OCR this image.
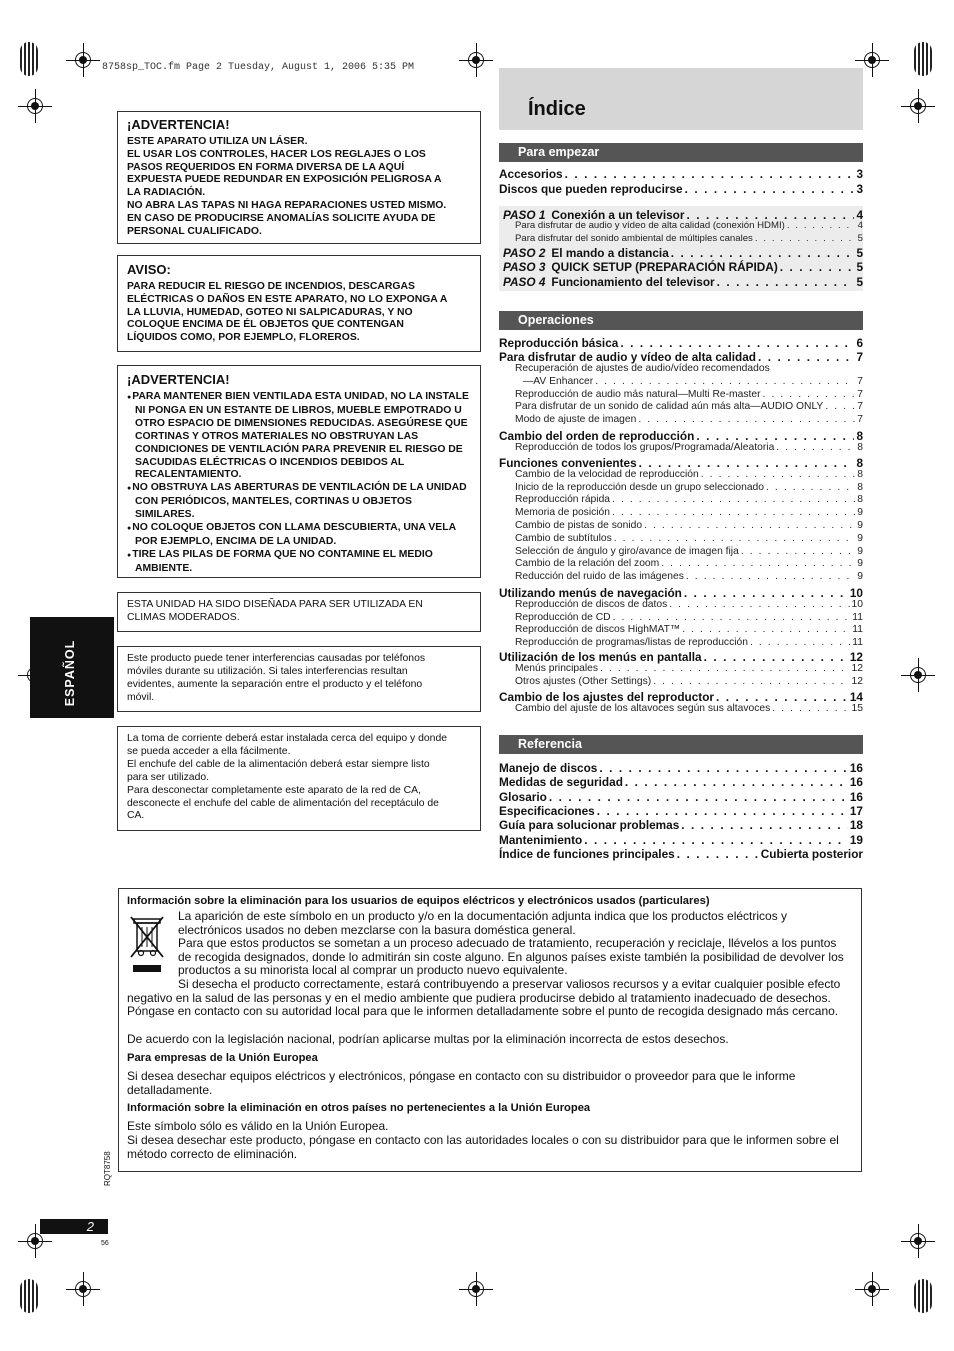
8758sp_TOC.fm Page 2 Tuesday, August 1, 2006 5:35 PM
¡ADVERTENCIA!

ESTE APARATO UTILIZA UN LÁSER.

EL USAR LOS CONTROLES, HACER LOS REGLAJES O LOS

PASOS REQUERIDOS EN FORMA DIVERSA DE LA AQUÍ

EXPUESTA PUEDE REDUNDAR EN EXPOSICIÓN PELIGROSA A

LA RADIACIÓN.

NO ABRA LAS TAPAS NI HAGA REPARACIONES USTED MISMO.

EN CASO DE PRODUCIRSE ANOMALÍAS SOLICITE AYUDA DE

PERSONAL CUALIFICADO.

AVISO:

PARA REDUCIR EL RIESGO DE INCENDIOS, DESCARGAS

ELÉCTRICAS O DAÑOS EN ESTE APARATO, NO LO EXPONGA A

LA LLUVIA, HUMEDAD, GOTEO NI SALPICADURAS, Y NO

COLOQUE ENCIMA DE ÉL OBJETOS QUE CONTENGAN

LÍQUIDOS COMO, POR EJEMPLO, FLOREROS.

¡ADVERTENCIA!
● PARA MANTENER BIEN VENTILADA ESTA UNIDAD, NO LA INSTALE NI PONGA EN UN ESTANTE DE LIBROS, MUEBLE EMPOTRADO U OTRO ESPACIO DE DIMENSIONES REDUCIDAS. ASEGÚRESE QUE CORTINAS Y OTROS MATERIALES NO OBSTRUYAN LAS CONDICIONES DE VENTILACIÓN PARA PREVENIR EL RIESGO DE SACUDIDAS ELÉCTRICAS O INCENDIOS DEBIDOS AL RECALENTAMIENTO.
● NO OBSTRUYA LAS ABERTURAS DE VENTILACIÓN DE LA UNIDAD CON PERIÓDICOS, MANTELES, CORTINAS U OBJETOS SIMILARES.
● NO COLOQUE OBJETOS CON LLAMA DESCUBIERTA, UNA VELA POR EJEMPLO, ENCIMA DE LA UNIDAD.
● TIRE LAS PILAS DE FORMA QUE NO CONTAMINE EL MEDIO AMBIENTE.

ESTA UNIDAD HA SIDO DISEÑADA PARA SER UTILIZADA EN

CLIMAS MODERADOS.

Este producto puede tener interferencias causadas por teléfonos

móviles durante su utilización. Si tales interferencias resultan

evidentes, aumente la separación entre el producto y el teléfono

móvil.

La toma de corriente deberá estar instalada cerca del equipo y donde

se pueda acceder a ella fácilmente.

El enchufe del cable de la alimentación deberá estar siempre listo

para ser utilizado.

Para desconectar completamente este aparato de la red de CA,

desconecte el enchufe del cable de alimentación del receptáculo de

CA.

ESPAÑOL
Índice
Para empezar
Accesorios . . .	3
Discos que pueden reproducirse . . .	3
PASO 1 Conexión a un televisor . . .	4
Para disfrutar de audio y vídeo de alta calidad (conexión HDMI) . . .	4
Para disfrutar del sonido ambiental de múltiples canales . . .	5
PASO 2 El mando a distancia . . .	5
PASO 3 QUICK SETUP (PREPARACIÓN RÁPIDA) . . .	5
PASO 4 Funcionamiento del televisor . . .	5
Operaciones
Reproducción básica . . .	6
Para disfrutar de audio y vídeo de alta calidad . . .	7
Recuperación de ajustes de audio/vídeo recomendados
—AV Enhancer . . .	7
Reproducción de audio más natural—Multi Re-master . . .	7
Para disfrutar de un sonido de calidad aún más alta—AUDIO ONLY . . .	7
Modo de ajuste de imagen . . .	7
Cambio del orden de reproducción . . .	8
Reproducción de todos los grupos/Programada/Aleatoria . . .	8
Funciones convenientes . . .	8
Cambio de la velocidad de reproducción . . .	8
Inicio de la reproducción desde un grupo seleccionado . . .	8
Reproducción rápida . . .	8
Memoria de posición . . .	9
Cambio de pistas de sonido . . .	9
Cambio de subtítulos . . .	9
Selección de ángulo y giro/avance de imagen fija . . .	9
Cambio de la relación del zoom . . .	9
Reducción del ruido de las imágenes . . .	9
Utilizando menús de navegación . . .	10
Reproducción de discos de datos . . .	10
Reproducción de CD . . .	11
Reproducción de discos HighMAT™ . . .	11
Reproducción de programas/listas de reproducción . . .	11
Utilización de los menús en pantalla . . .	12
Menús principales . . .	12
Otros ajustes (Other Settings) . . .	12
Cambio de los ajustes del reproductor . . .	14
Cambio del ajuste de los altavoces según sus altavoces . . .	15
Referencia
Manejo de discos . . .	16
Medidas de seguridad . . .	16
Glosario . . .	16
Especificaciones . . .	17
Guía para solucionar problemas . . .	18
Mantenimiento . . .	19
Índice de funciones principales . . .	Cubierta posterior
Información sobre la eliminación para los usuarios de equipos eléctricos y electrónicos usados (particulares)

La aparición de este símbolo en un producto y/o en la documentación adjunta indica que los productos eléctricos y electrónicos usados no deben mezclarse con la basura doméstica general.

Para que estos productos se sometan a un proceso adecuado de tratamiento, recuperación y reciclaje, llévelos a los puntos de recogida designados, donde lo admitirán sin coste alguno. En algunos países existe también la posibilidad de devolver los productos a su minorista local al comprar un producto nuevo equivalente.

Si desecha el producto correctamente, estará contribuyendo a preservar valiosos recursos y a evitar cualquier posible efecto negativo en la salud de las personas y en el medio ambiente que pudiera producirse debido al tratamiento inadecuado de desechos. Póngase en contacto con su autoridad local para que le informen detalladamente sobre el punto de recogida designado más cercano.

De acuerdo con la legislación nacional, podrían aplicarse multas por la eliminación incorrecta de estos desechos.

Para empresas de la Unión Europea

Si desea desechar equipos eléctricos y electrónicos, póngase en contacto con su distribuidor o proveedor para que le informe detalladamente.

Información sobre la eliminación en otros países no pertenecientes a la Unión Europea

Este símbolo sólo es válido en la Unión Europea.

Si desea desechar este producto, póngase en contacto con las autoridades locales o con su distribuidor para que le informen sobre el método correcto de eliminación.

RQT8758
2
56
